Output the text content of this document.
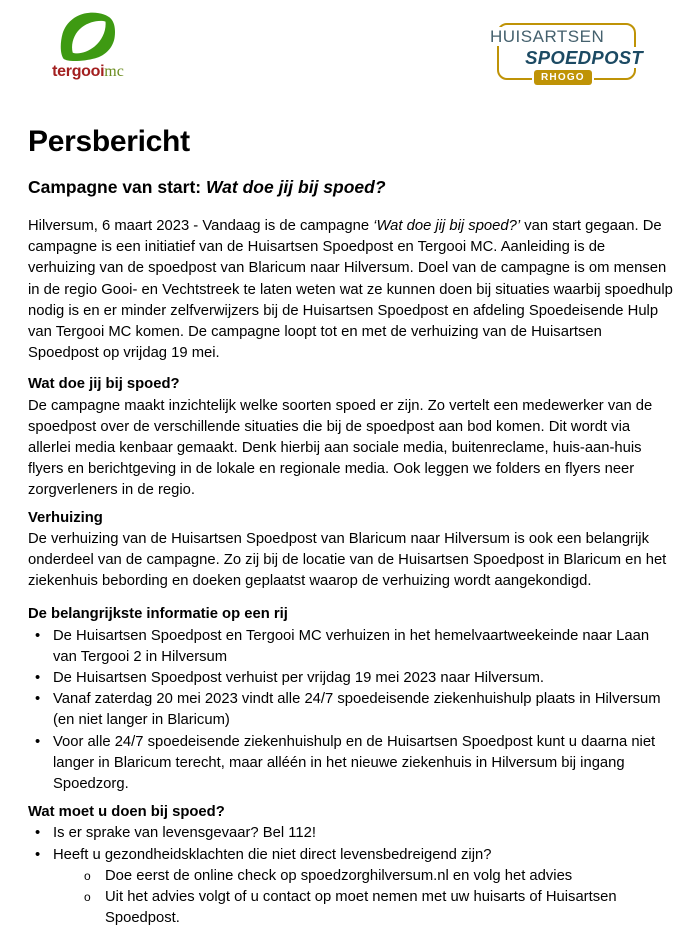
tergooimc
HUISARTSEN
SPOEDPOST
RHOGO
Persbericht
Campagne van start: Wat doe jij bij spoed?

Hilversum, 6 maart 2023 - Vandaag is de campagne ‘Wat doe jij bij spoed?’ van start gegaan. De campagne is een initiatief van de Huisartsen Spoedpost en Tergooi MC. Aanleiding is de verhuizing van de spoedpost van Blaricum naar Hilversum. Doel van de campagne is om mensen in de regio Gooi- en Vechtstreek te laten weten wat ze kunnen doen bij situaties waarbij spoedhulp nodig is en er minder zelfverwijzers bij de Huisartsen Spoedpost en afdeling Spoedeisende Hulp van Tergooi MC komen. De campagne loopt tot en met de verhuizing van de Huisartsen Spoedpost op vrijdag 19 mei.

Wat doe jij bij spoed?

De campagne maakt inzichtelijk welke soorten spoed er zijn. Zo vertelt een medewerker van de spoedpost over de verschillende situaties die bij de spoedpost aan bod komen. Dit wordt via allerlei media kenbaar gemaakt. Denk hierbij aan sociale media, buitenreclame, huis-aan-huis flyers en berichtgeving in de lokale en regionale media. Ook leggen we folders en flyers neer zorgverleners in de regio.

Verhuizing

De verhuizing van de Huisartsen Spoedpost van Blaricum naar Hilversum is ook een belangrijk onderdeel van de campagne. Zo zij bij de locatie van de Huisartsen Spoedpost in Blaricum en het ziekenhuis bebording en doeken geplaatst waarop de verhuizing wordt aangekondigd.

De belangrijkste informatie op een rij
• De Huisartsen Spoedpost en Tergooi MC verhuizen in het hemelvaartweekeinde naar Laan van Tergooi 2 in Hilversum
• De Huisartsen Spoedpost verhuist per vrijdag 19 mei 2023 naar Hilversum.
• Vanaf zaterdag 20 mei 2023 vindt alle 24/7 spoedeisende ziekenhuishulp plaats in Hilversum (en niet langer in Blaricum)
• Voor alle 24/7 spoedeisende ziekenhuishulp en de Huisartsen Spoedpost kunt u daarna niet langer in Blaricum terecht, maar alléén in het nieuwe ziekenhuis in Hilversum bij ingang Spoedzorg.
Wat moet u doen bij spoed?
• Is er sprake van levensgevaar? Bel 112!
• Heeft u gezondheidsklachten die niet direct levensbedreigend zijn?
o Doe eerst de online check op spoedzorghilversum.nl en volg het advies
o Uit het advies volgt of u contact op moet nemen met uw huisarts of Huisartsen Spoedpost.
